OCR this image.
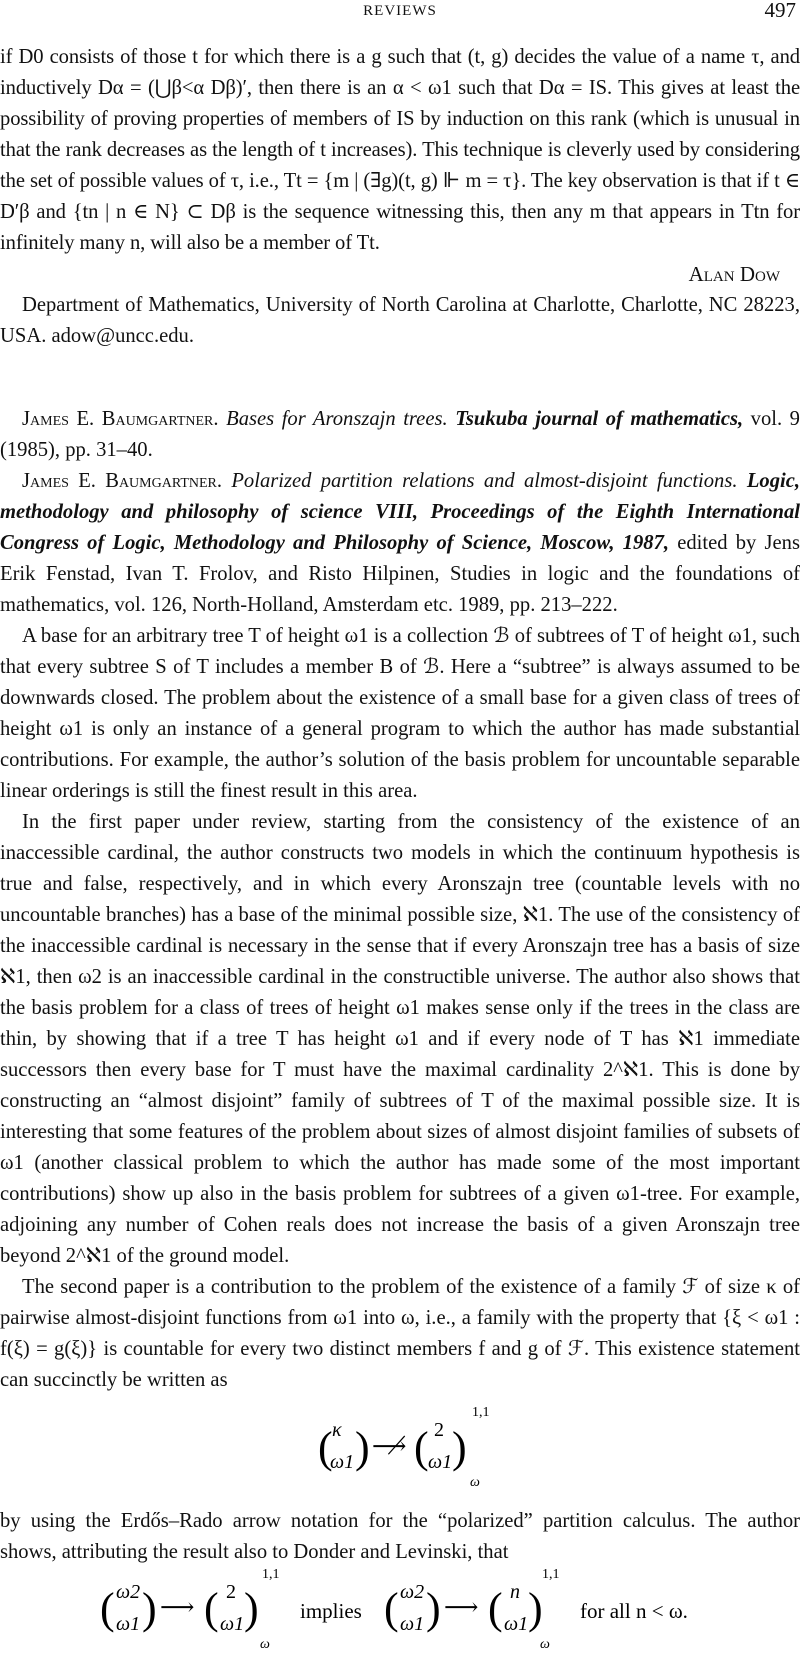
REVIEWS	497

if D0 consists of those t for which there is a g such that (t, g) decides the value of a name τ, and inductively Dα = (⋃β<α Dβ)′, then there is an α < ω1 such that Dα = IS. This gives at least the possibility of proving properties of members of IS by induction on this rank (which is unusual in that the rank decreases as the length of t increases). This technique is cleverly used by considering the set of possible values of τ, i.e., Tt = {m | (∃g)(t, g) ⊩ m = τ}. The key observation is that if t ∈ D′β and {tn | n ∈ N} ⊂ Dβ is the sequence witnessing this, then any m that appears in Ttn for infinitely many n, will also be a member of Tt.

Alan Dow

Department of Mathematics, University of North Carolina at Charlotte, Charlotte, NC 28223, USA. adow@uncc.edu.

James E. Baumgartner. Bases for Aronszajn trees. Tsukuba journal of mathematics, vol. 9 (1985), pp. 31–40.

James E. Baumgartner. Polarized partition relations and almost-disjoint functions. Logic, methodology and philosophy of science VIII, Proceedings of the Eighth International Congress of Logic, Methodology and Philosophy of Science, Moscow, 1987, edited by Jens Erik Fenstad, Ivan T. Frolov, and Risto Hilpinen, Studies in logic and the foundations of mathematics, vol. 126, North-Holland, Amsterdam etc. 1989, pp. 213–222.

A base for an arbitrary tree T of height ω1 is a collection ℬ of subtrees of T of height ω1, such that every subtree S of T includes a member B of ℬ. Here a “subtree” is always assumed to be downwards closed. The problem about the existence of a small base for a given class of trees of height ω1 is only an instance of a general program to which the author has made substantial contributions. For example, the author’s solution of the basis problem for uncountable separable linear orderings is still the finest result in this area.

In the first paper under review, starting from the consistency of the existence of an inaccessible cardinal, the author constructs two models in which the continuum hypothesis is true and false, respectively, and in which every Aronszajn tree (countable levels with no uncountable branches) has a base of the minimal possible size, ℵ1. The use of the consistency of the inaccessible cardinal is necessary in the sense that if every Aronszajn tree has a basis of size ℵ1, then ω2 is an inaccessible cardinal in the constructible universe. The author also shows that the basis problem for a class of trees of height ω1 makes sense only if the trees in the class are thin, by showing that if a tree T has height ω1 and if every node of T has ℵ1 immediate successors then every base for T must have the maximal cardinality 2^ℵ1. This is done by constructing an “almost disjoint” family of subtrees of T of the maximal possible size. It is interesting that some features of the problem about sizes of almost disjoint families of subsets of ω1 (another classical problem to which the author has made some of the most important contributions) show up also in the basis problem for subtrees of a given ω1-tree. For example, adjoining any number of Cohen reals does not increase the basis of a given Aronszajn tree beyond 2^ℵ1 of the ground model.

The second paper is a contribution to the problem of the existence of a family ℱ of size κ of pairwise almost-disjoint functions from ω1 into ω, i.e., a family with the property that {ξ < ω1 : f(ξ) = g(ξ)} is countable for every two distinct members f and g of ℱ. This existence statement can succinctly be written as

( κ
ω1 ) ⟶̸ ( 2
ω1 )
1,1
ω

by using the Erdős–Rado arrow notation for the “polarized” partition calculus. The author shows, attributing the result also to Donder and Levinski, that

( ω2
ω1 ) ⟶ ( 2
ω1 )
1,1
ω
implies ( ω2
ω1 ) ⟶ ( n
ω1 )
1,1
ω
for all n < ω.
